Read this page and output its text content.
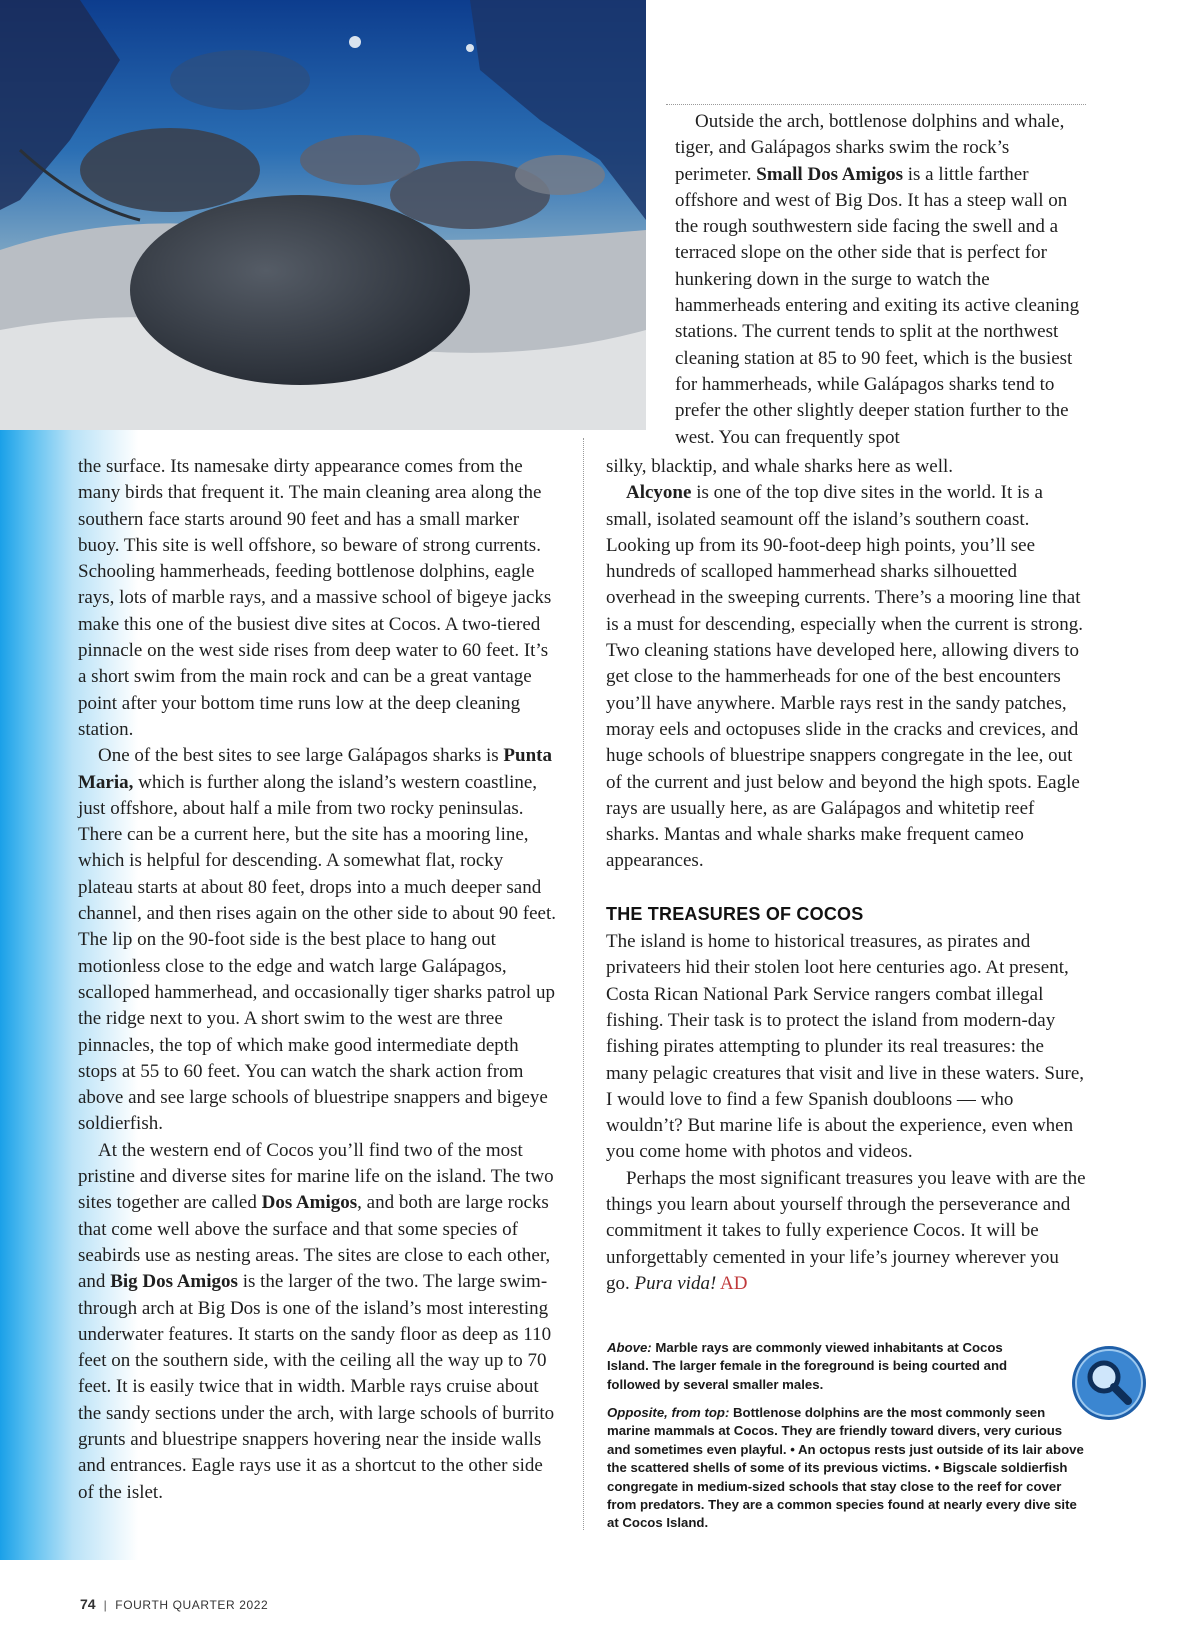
the surface. Its namesake dirty appearance comes from the many birds that frequent it. The main cleaning area along the southern face starts around 90 feet and has a small marker buoy. This site is well offshore, so beware of strong currents. Schooling hammerheads, feeding bottlenose dolphins, eagle rays, lots of marble rays, and a massive school of bigeye jacks make this one of the busiest dive sites at Cocos. A two-tiered pinnacle on the west side rises from deep water to 60 feet. It’s a short swim from the main rock and can be a great vantage point after your bottom time runs low at the deep cleaning station.

One of the best sites to see large Galápagos sharks is Punta Maria, which is further along the island’s western coastline, just offshore, about half a mile from two rocky peninsulas. There can be a current here, but the site has a mooring line, which is helpful for descending. A somewhat flat, rocky plateau starts at about 80 feet, drops into a much deeper sand channel, and then rises again on the other side to about 90 feet. The lip on the 90-foot side is the best place to hang out motionless close to the edge and watch large Galápagos, scalloped hammerhead, and occasionally tiger sharks patrol up the ridge next to you. A short swim to the west are three pinnacles, the top of which make good intermediate depth stops at 55 to 60 feet. You can watch the shark action from above and see large schools of bluestripe snappers and bigeye soldierfish.

At the western end of Cocos you’ll find two of the most pristine and diverse sites for marine life on the island. The two sites together are called Dos Amigos, and both are large rocks that come well above the surface and that some species of seabirds use as nesting areas. The sites are close to each other, and Big Dos Amigos is the larger of the two. The large swim-through arch at Big Dos is one of the island’s most interesting underwater features. It starts on the sandy floor as deep as 110 feet on the southern side, with the ceiling all the way up to 70 feet. It is easily twice that in width. Marble rays cruise about the sandy sections under the arch, with large schools of burrito grunts and bluestripe snappers hovering near the inside walls and entrances. Eagle rays use it as a shortcut to the other side of the islet.

Outside the arch, bottlenose dolphins and whale, tiger, and Galápagos sharks swim the rock’s perimeter. Small Dos Amigos is a little farther offshore and west of Big Dos. It has a steep wall on the rough southwestern side facing the swell and a terraced slope on the other side that is perfect for hunkering down in the surge to watch the hammerheads entering and exiting its active cleaning stations. The current tends to split at the northwest cleaning station at 85 to 90 feet, which is the busiest for hammerheads, while Galápagos sharks tend to prefer the other slightly deeper station further to the west. You can frequently spot

silky, blacktip, and whale sharks here as well.

Alcyone is one of the top dive sites in the world. It is a small, isolated seamount off the island’s southern coast. Looking up from its 90-foot-deep high points, you’ll see hundreds of scalloped hammerhead sharks silhouetted overhead in the sweeping currents. There’s a mooring line that is a must for descending, especially when the current is strong. Two cleaning stations have developed here, allowing divers to get close to the hammerheads for one of the best encounters you’ll have anywhere. Marble rays rest in the sandy patches, moray eels and octopuses slide in the cracks and crevices, and huge schools of bluestripe snappers congregate in the lee, out of the current and just below and beyond the high spots. Eagle rays are usually here, as are Galápagos and whitetip reef sharks. Mantas and whale sharks make frequent cameo appearances.

THE TREASURES OF COCOS

The island is home to historical treasures, as pirates and privateers hid their stolen loot here centuries ago. At present, Costa Rican National Park Service rangers combat illegal fishing. Their task is to protect the island from modern-day fishing pirates attempting to plunder its real treasures: the many pelagic creatures that visit and live in these waters. Sure, I would love to find a few Spanish doubloons — who wouldn’t? But marine life is about the experience, even when you come home with photos and videos.

Perhaps the most significant treasures you leave with are the things you learn about yourself through the perseverance and commitment it takes to fully experience Cocos. It will be unforgettably cemented in your life’s journey wherever you go. Pura vida! AD

Above: Marble rays are commonly viewed inhabitants at Cocos Island. The larger female in the foreground is being courted and followed by several smaller males.
Opposite, from top: Bottlenose dolphins are the most commonly seen marine mammals at Cocos. They are friendly toward divers, very curious and sometimes even playful. • An octopus rests just outside of its lair above the scattered shells of some of its previous victims. • Bigscale soldierfish congregate in medium-sized schools that stay close to the reef for cover from predators. They are a common species found at nearly every dive site at Cocos Island.
74 | FOURTH QUARTER 2022
